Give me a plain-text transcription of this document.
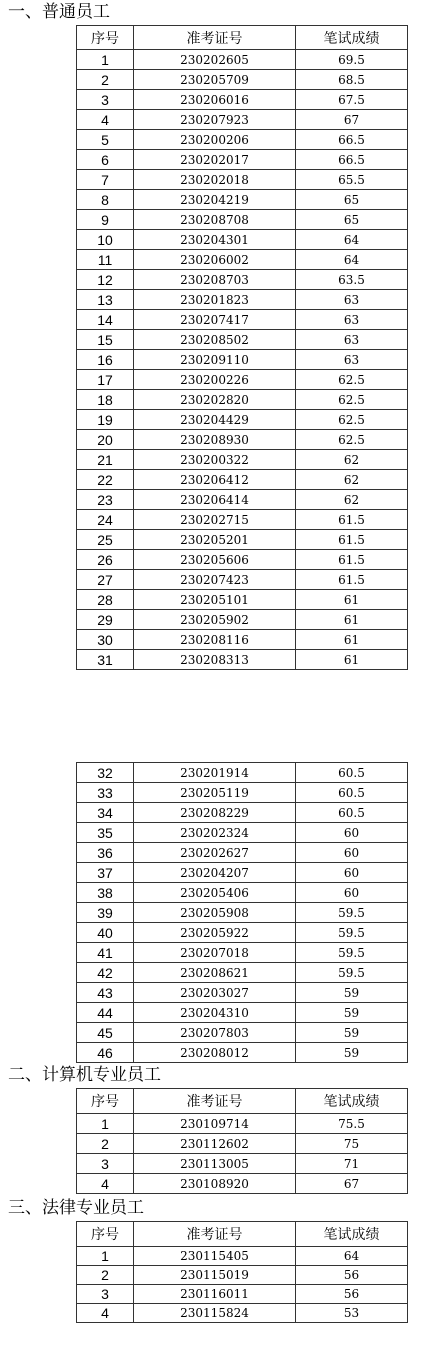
一、普通员工
序号	准考证号	笔试成绩
1	230202605	69.5
2	230205709	68.5
3	230206016	67.5
4	230207923	67
5	230200206	66.5
6	230202017	66.5
7	230202018	65.5
8	230204219	65
9	230208708	65
10	230204301	64
11	230206002	64
12	230208703	63.5
13	230201823	63
14	230207417	63
15	230208502	63
16	230209110	63
17	230200226	62.5
18	230202820	62.5
19	230204429	62.5
20	230208930	62.5
21	230200322	62
22	230206412	62
23	230206414	62
24	230202715	61.5
25	230205201	61.5
26	230205606	61.5
27	230207423	61.5
28	230205101	61
29	230205902	61
30	230208116	61
31	230208313	61
32	230201914	60.5
33	230205119	60.5
34	230208229	60.5
35	230202324	60
36	230202627	60
37	230204207	60
38	230205406	60
39	230205908	59.5
40	230205922	59.5
41	230207018	59.5
42	230208621	59.5
43	230203027	59
44	230204310	59
45	230207803	59
46	230208012	59
二、计算机专业员工
序号	准考证号	笔试成绩
1	230109714	75.5
2	230112602	75
3	230113005	71
4	230108920	67
三、法律专业员工
序号	准考证号	笔试成绩
1	230115405	64
2	230115019	56
3	230116011	56
4	230115824	53
